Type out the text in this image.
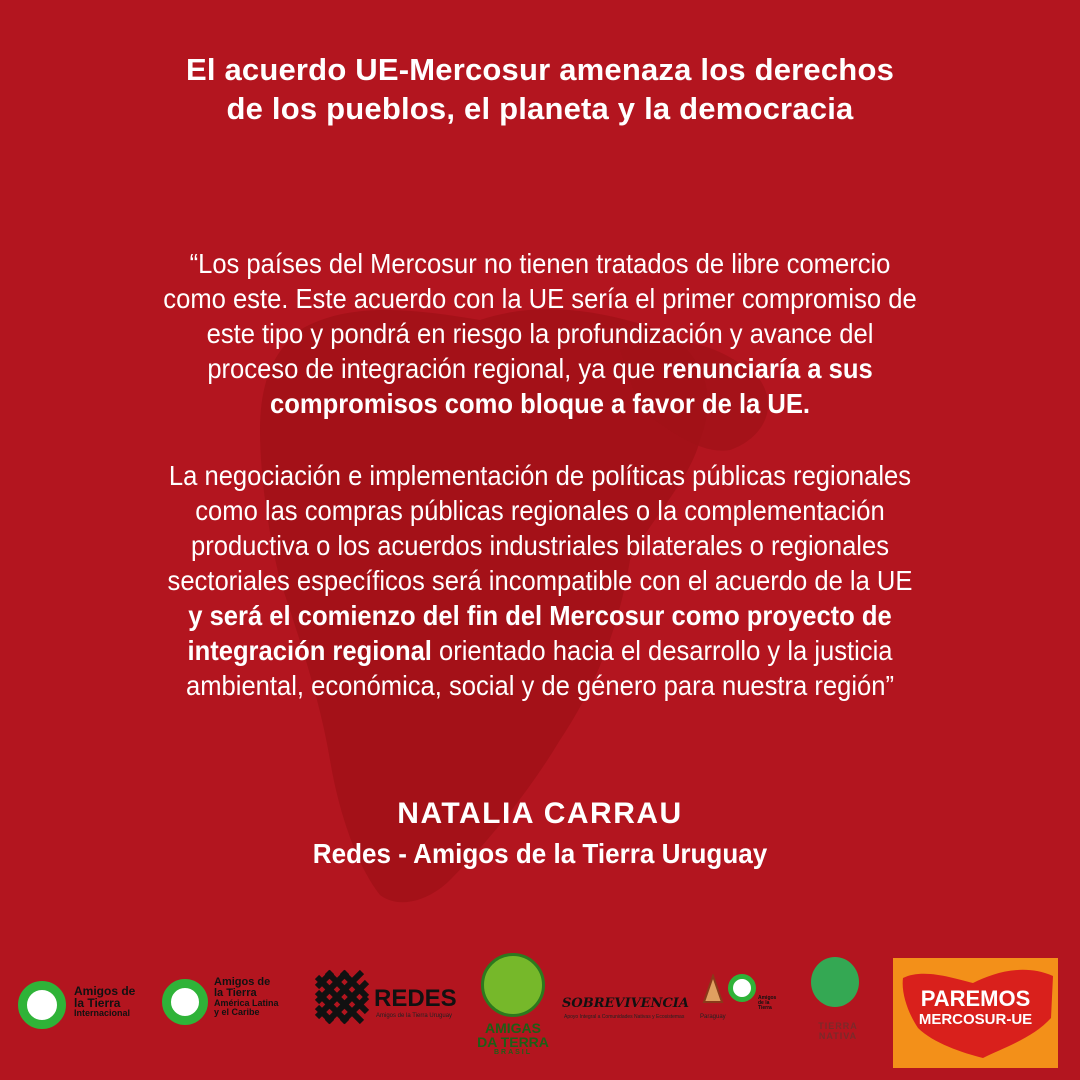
El acuerdo UE-Mercosur amenaza los derechos
de los pueblos, el planeta y la democracia
“Los países del Mercosur no tienen tratados de libre comercio
como este. Este acuerdo con la UE sería el primer compromiso de
este tipo y pondrá en riesgo la profundización y avance del
proceso de integración regional, ya que renunciaría a sus
compromisos como bloque a favor de la UE.
La negociación e implementación de políticas públicas regionales
como las compras públicas regionales o la complementación
productiva o los acuerdos industriales bilaterales o regionales
sectoriales específicos será incompatible con el acuerdo de la UE
y será el comienzo del fin del Mercosur como proyecto de
integración regional orientado hacia el desarrollo y la justicia
ambiental, económica, social y de género para nuestra región”
NATALIA CARRAU
Redes - Amigos de la Tierra Uruguay
Amigos de
la Tierra
Internacional
Amigos de
la Tierra
América Latina
y el Caribe	REDES
Amigos de la Tierra Uruguay
AMIGAS
DA TERRA
BRASIL
SOBREVIVENCIA
Apoyo Integral a Comunidades Nativas y Ecosistemas	Paraguay
Amigos
de la
Tierra
TIERRA
NATIVA
PAREMOS
MERCOSUR-UE
